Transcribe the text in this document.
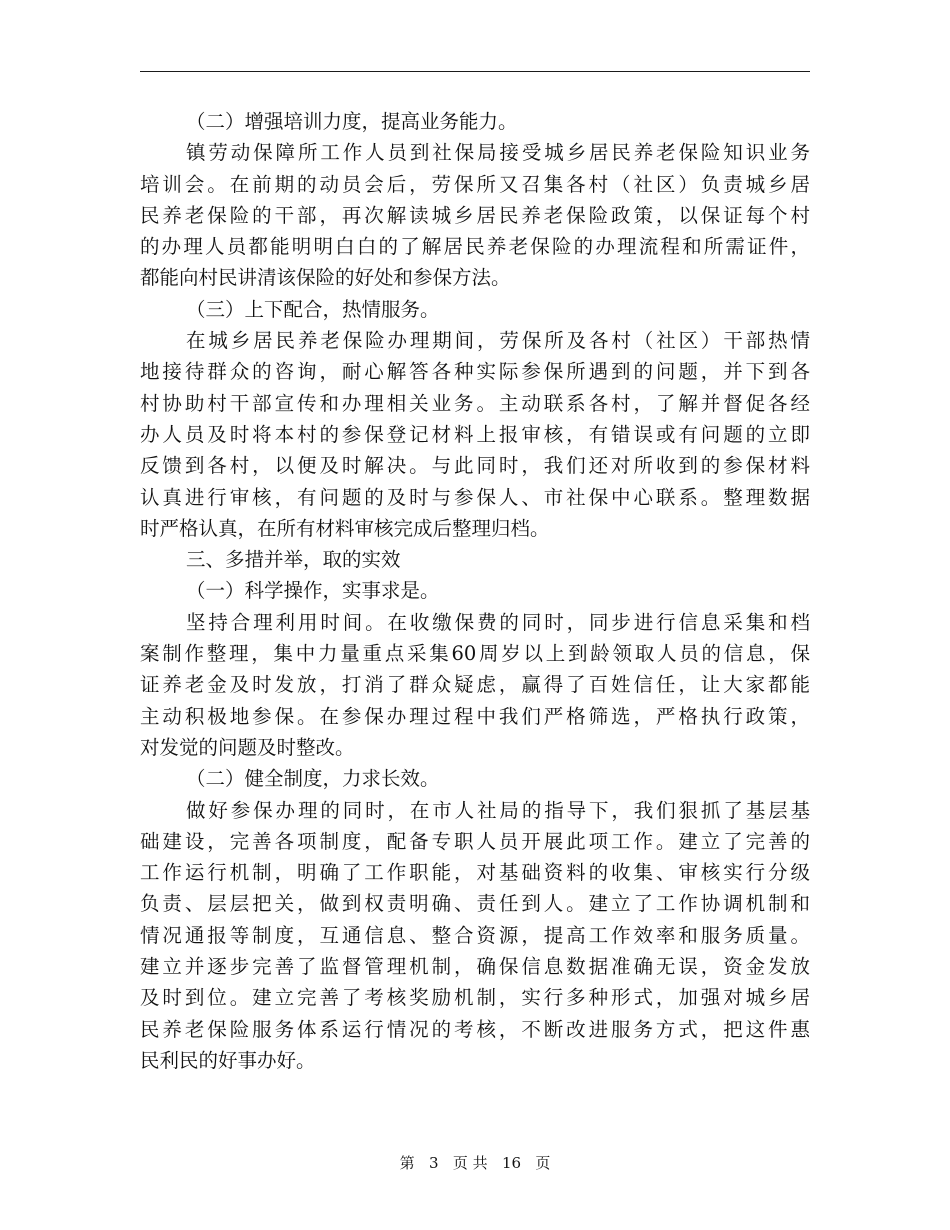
（二）增强培训力度，提高业务能力。
镇劳动保障所工作人员到社保局接受城乡居民养老保险知识业务
培训会。在前期的动员会后，劳保所又召集各村（社区）负责城乡居
民养老保险的干部，再次解读城乡居民养老保险政策，以保证每个村
的办理人员都能明明白白的了解居民养老保险的办理流程和所需证件，
都能向村民讲清该保险的好处和参保方法。
（三）上下配合，热情服务。
在城乡居民养老保险办理期间，劳保所及各村（社区）干部热情
地接待群众的咨询，耐心解答各种实际参保所遇到的问题，并下到各
村协助村干部宣传和办理相关业务。主动联系各村，了解并督促各经
办人员及时将本村的参保登记材料上报审核，有错误或有问题的立即
反馈到各村，以便及时解决。与此同时，我们还对所收到的参保材料
认真进行审核，有问题的及时与参保人、市社保中心联系。整理数据
时严格认真，在所有材料审核完成后整理归档。
三、多措并举，取的实效
（一）科学操作，实事求是。
坚持合理利用时间。在收缴保费的同时，同步进行信息采集和档
案制作整理，集中力量重点采集60周岁以上到龄领取人员的信息，保
证养老金及时发放，打消了群众疑虑，赢得了百姓信任，让大家都能
主动积极地参保。在参保办理过程中我们严格筛选，严格执行政策，
对发觉的问题及时整改。
（二）健全制度，力求长效。
做好参保办理的同时，在市人社局的指导下，我们狠抓了基层基
础建设，完善各项制度，配备专职人员开展此项工作。建立了完善的
工作运行机制，明确了工作职能，对基础资料的收集、审核实行分级
负责、层层把关，做到权责明确、责任到人。建立了工作协调机制和
情况通报等制度，互通信息、整合资源，提高工作效率和服务质量。
建立并逐步完善了监督管理机制，确保信息数据准确无误，资金发放
及时到位。建立完善了考核奖励机制，实行多种形式，加强对城乡居
民养老保险服务体系运行情况的考核，不断改进服务方式，把这件惠
民利民的好事办好。
第 3 页 共 16 页
